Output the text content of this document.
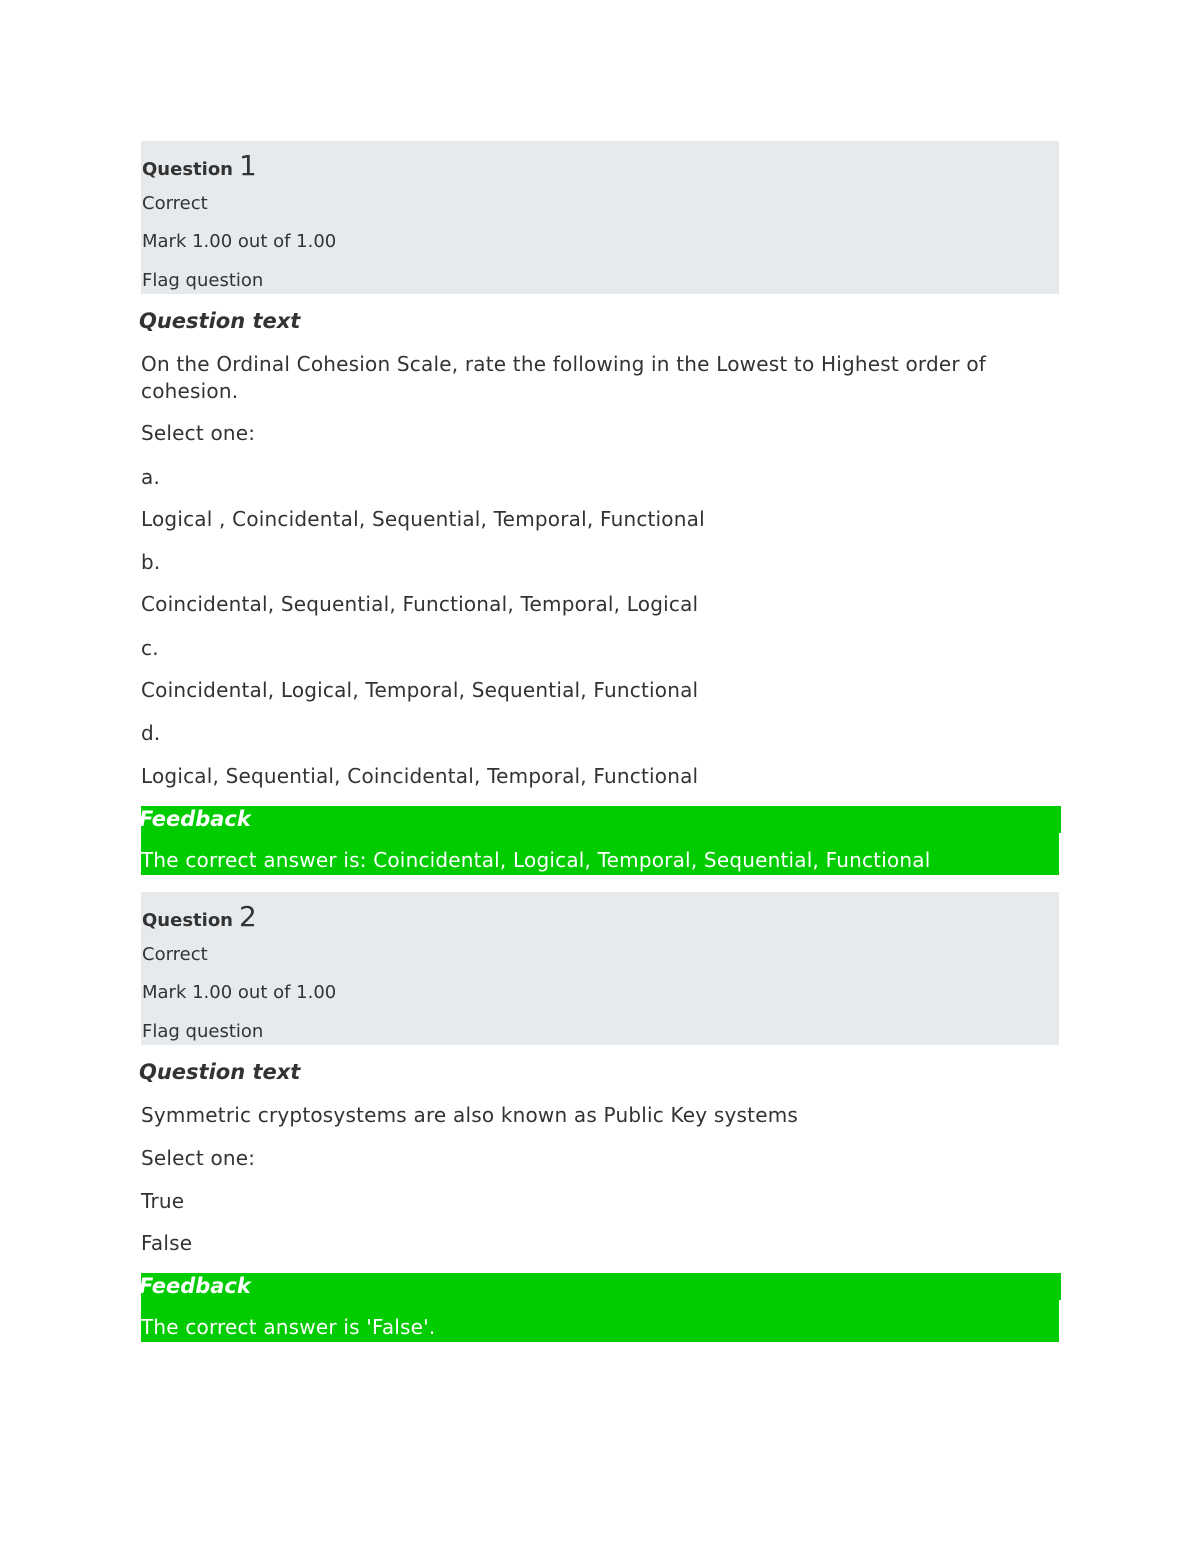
Question 1
Correct
Mark 1.00 out of 1.00
Flag question
Question text
On the Ordinal Cohesion Scale, rate the following in the Lowest to Highest order of cohesion.
Select one:
a.
Logical , Coincidental, Sequential, Temporal, Functional
b.
Coincidental, Sequential, Functional, Temporal, Logical
c.
Coincidental, Logical, Temporal, Sequential, Functional
d.
Logical, Sequential, Coincidental, Temporal, Functional
Feedback
The correct answer is: Coincidental, Logical, Temporal, Sequential, Functional
Question 2
Correct
Mark 1.00 out of 1.00
Flag question
Question text
Symmetric cryptosystems are also known as Public Key systems
Select one:
True
False
Feedback
The correct answer is 'False'.
